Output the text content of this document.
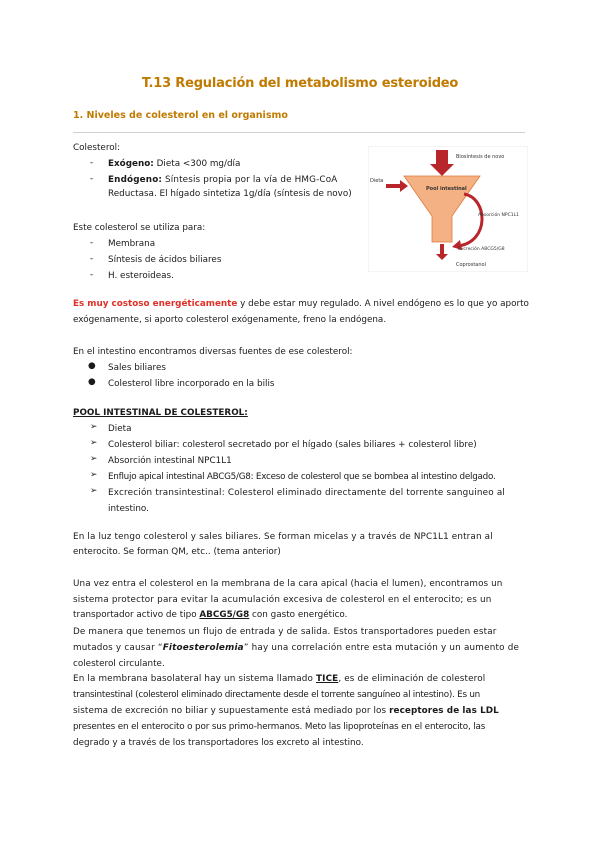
T.13 Regulación del metabolismo esteroideo
1. Niveles de colesterol en el organismo
Colesterol:
- Exógeno: Dieta <300 mg/día
- Endógeno: Síntesis propia por la vía de HMG-CoA
Reductasa. El hígado sintetiza 1g/día (síntesis de novo)
Este colesterol se utiliza para:
- Membrana
- Síntesis de ácidos biliares
- H. esteroideas.
Es muy costoso energéticamente y debe estar muy regulado. A nivel endógeno es lo que yo aporto
exógenamente, si aporto colesterol exógenamente, freno la endógena.
En el intestino encontramos diversas fuentes de ese colesterol:
● Sales biliares
● Colesterol libre incorporado en la bilis
POOL INTESTINAL DE COLESTEROL:
➢ Dieta
➢ Colesterol biliar: colesterol secretado por el hígado (sales biliares + colesterol libre)
➢ Absorción intestinal NPC1L1
➢ Enflujo apical intestinal ABCG5/G8: Exceso de colesterol que se bombea al intestino delgado.
➢ Excreción transintestinal: Colesterol eliminado directamente del torrente sanguineo al
intestino.
En la luz tengo colesterol y sales biliares. Se forman micelas y a través de NPC1L1 entran al
enterocito. Se forman QM, etc.. (tema anterior)
Una vez entra el colesterol en la membrana de la cara apical (hacia el lumen), encontramos un
sistema protector para evitar la acumulación excesiva de colesterol en el enterocito; es un
transportador activo de tipo ABCG5/G8 con gasto energético.
De manera que tenemos un flujo de entrada y de salida. Estos transportadores pueden estar
mutados y causar “Fitoesterolemia” hay una correlación entre esta mutación y un aumento de
colesterol circulante.
En la membrana basolateral hay un sistema llamado TICE, es de eliminación de colesterol
transintestinal (colesterol eliminado directamente desde el torrente sanguíneo al intestino). Es un
sistema de excreción no biliar y supuestamente está mediado por los receptores de las LDL
presentes en el enterocito o por sus primo-hermanos. Meto las lipoproteínas en el enterocito, las
degrado y a través de los transportadores los excreto al intestino.
Biosíntesis de novo
Dieta
Pool intestinal
Absorción NPC1L1
Excreción ABCG5/G8
Coprostanol
